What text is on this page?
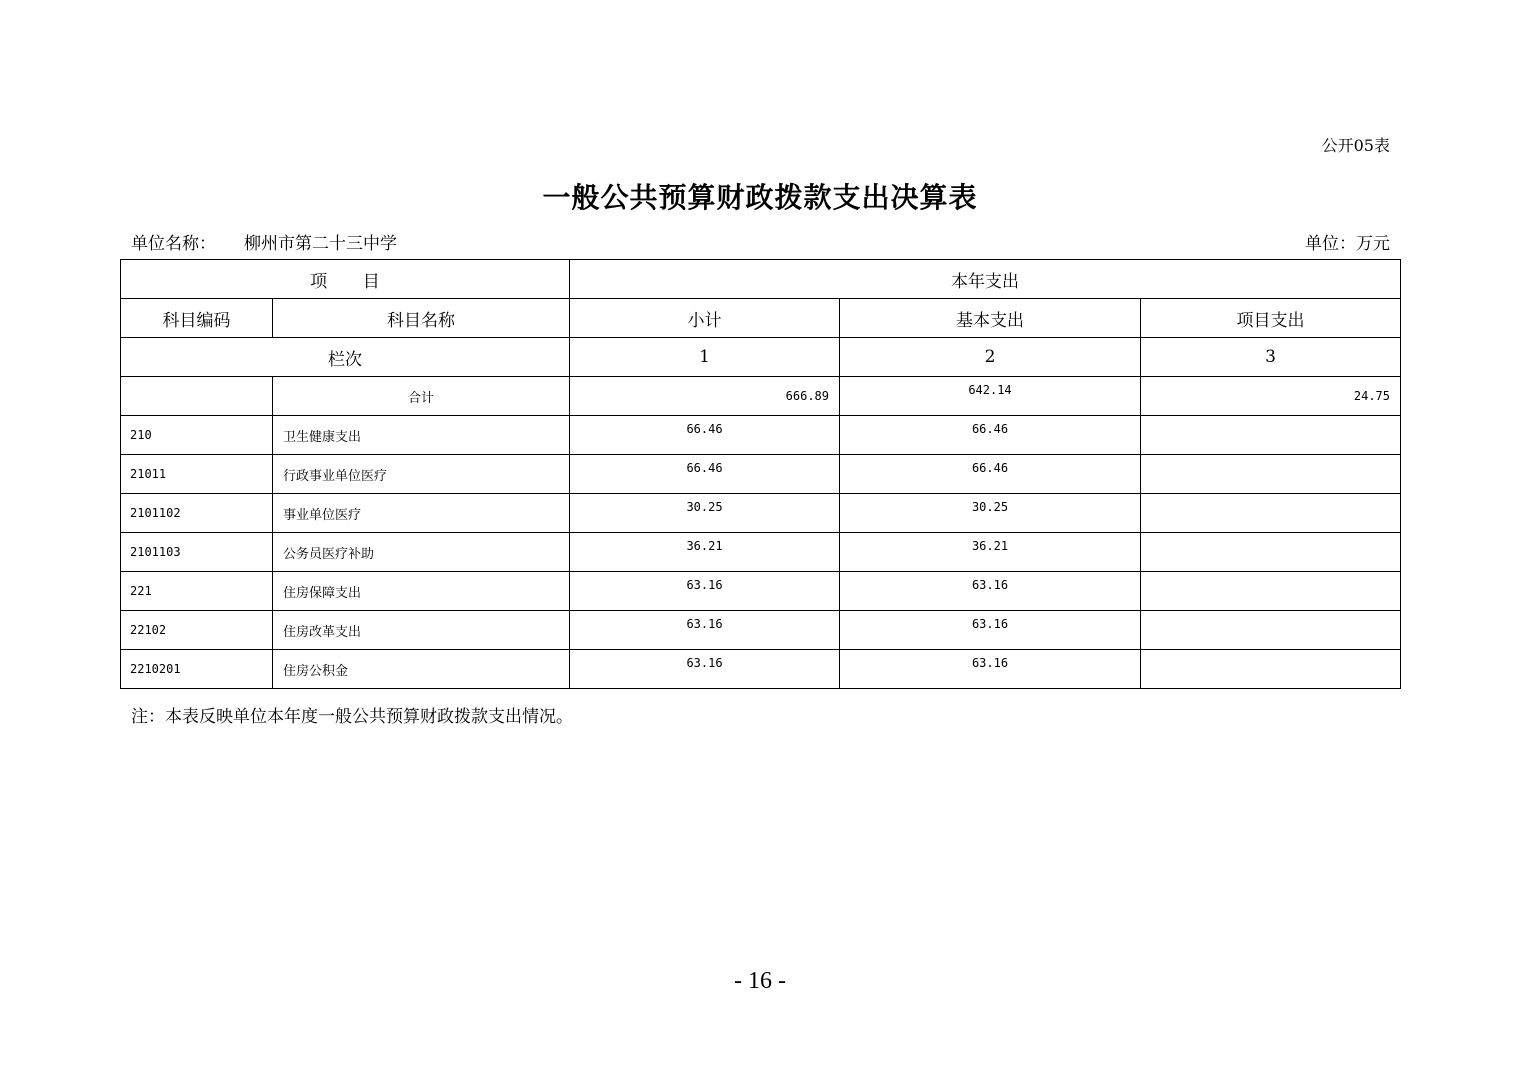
公开05表
一般公共预算财政拨款支出决算表
单位名称： 柳州市第二十三中学	单位：万元
项 目		本年支出		
科目编码	科目名称	小计	基本支出	项目支出
栏次		1	2	3
	合计	666.89	642.14	24.75
210	卫生健康支出	66.46	66.46	
21011	行政事业单位医疗	66.46	66.46	
2101102	事业单位医疗	30.25	30.25	
2101103	公务员医疗补助	36.21	36.21	
221	住房保障支出	63.16	63.16	
22102	住房改革支出	63.16	63.16	
2210201	住房公积金	63.16	63.16	
注：本表反映单位本年度一般公共预算财政拨款支出情况。
- 16 -
